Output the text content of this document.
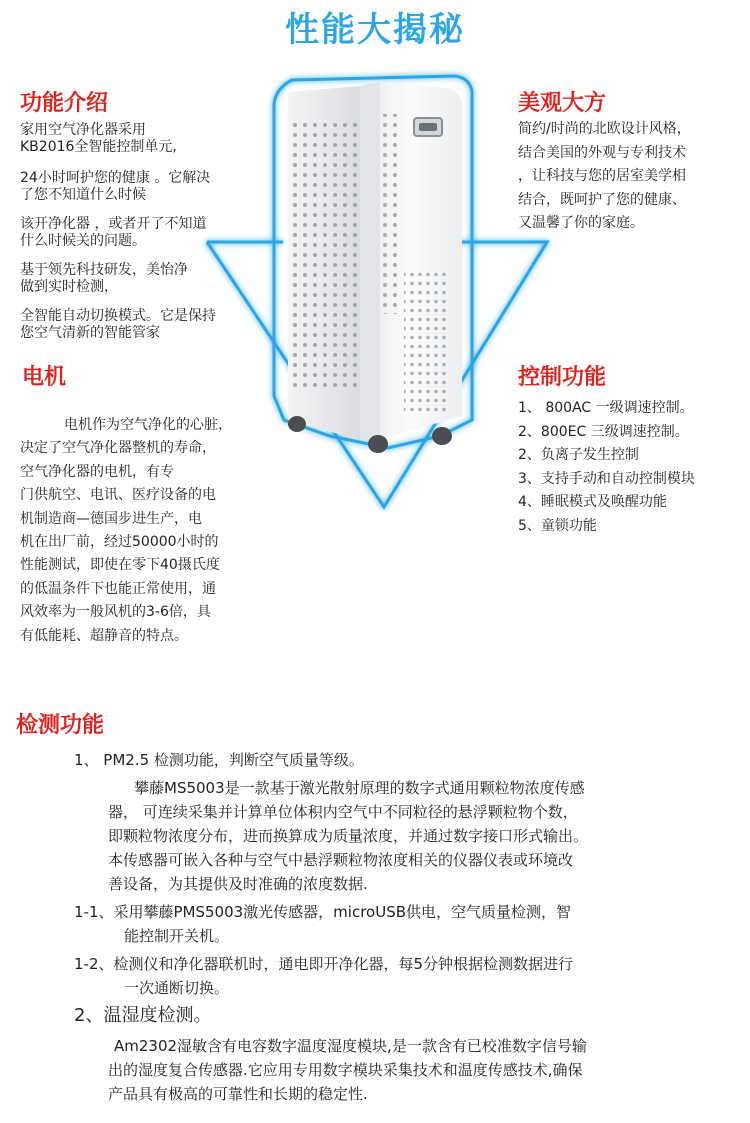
性能大揭秘
功能介绍
家用空气净化器采用
KB2016全智能控制单元,
24小时呵护您的健康 。它解决
了您不知道什么时候
该开净化器 ，或者开了不知道
什么时候关的问题。
基于领先科技研发，美怡净
做到实时检测，
全智能自动切换模式。它是保持
您空气清新的智能管家
电机
电机作为空气净化的心脏，
决定了空气净化器整机的寿命，
空气净化器的电机，有专
门供航空、电讯、医疗设备的电
机制造商—德国步进生产，电
机在出厂前，经过50000小时的
性能测试，即使在零下40摄氏度
的低温条件下也能正常使用，通
风效率为一般风机的3-6倍，具
有低能耗、超静音的特点。
美观大方
简约/时尚的北欧设计风格，
结合美国的外观与专利技术
，让科技与您的居室美学相
结合，既呵护了您的健康、
又温馨了你的家庭。
控制功能
1、 800AC 一级调速控制。
2、800EC 三级调速控制。
2、负离子发生控制
3、支持手动和自动控制模块
4、睡眠模式及唤醒功能
5、童锁功能
检测功能
1、 PM2.5 检测功能，判断空气质量等级。
攀藤MS5003是一款基于激光散射原理的数字式通用颗粒物浓度传感
器， 可连续采集并计算单位体积内空气中不同粒径的悬浮颗粒物个数，
即颗粒物浓度分布，进而换算成为质量浓度，并通过数字接口形式输出。
本传感器可嵌入各种与空气中悬浮颗粒物浓度相关的仪器仪表或环境改
善设备，为其提供及时准确的浓度数据.
1-1、采用攀藤PMS5003激光传感器，microUSB供电，空气质量检测，智
能控制开关机。
1-2、检测仪和净化器联机时，通电即开净化器，每5分钟根据检测数据进行
一次通断切换。
2、温湿度检测。
Am2302湿敏含有电容数字温度湿度模块,是一款含有已校准数字信号输
出的湿度复合传感器.它应用专用数字模块采集技术和温度传感技术,确保
产品具有极高的可靠性和长期的稳定性.
